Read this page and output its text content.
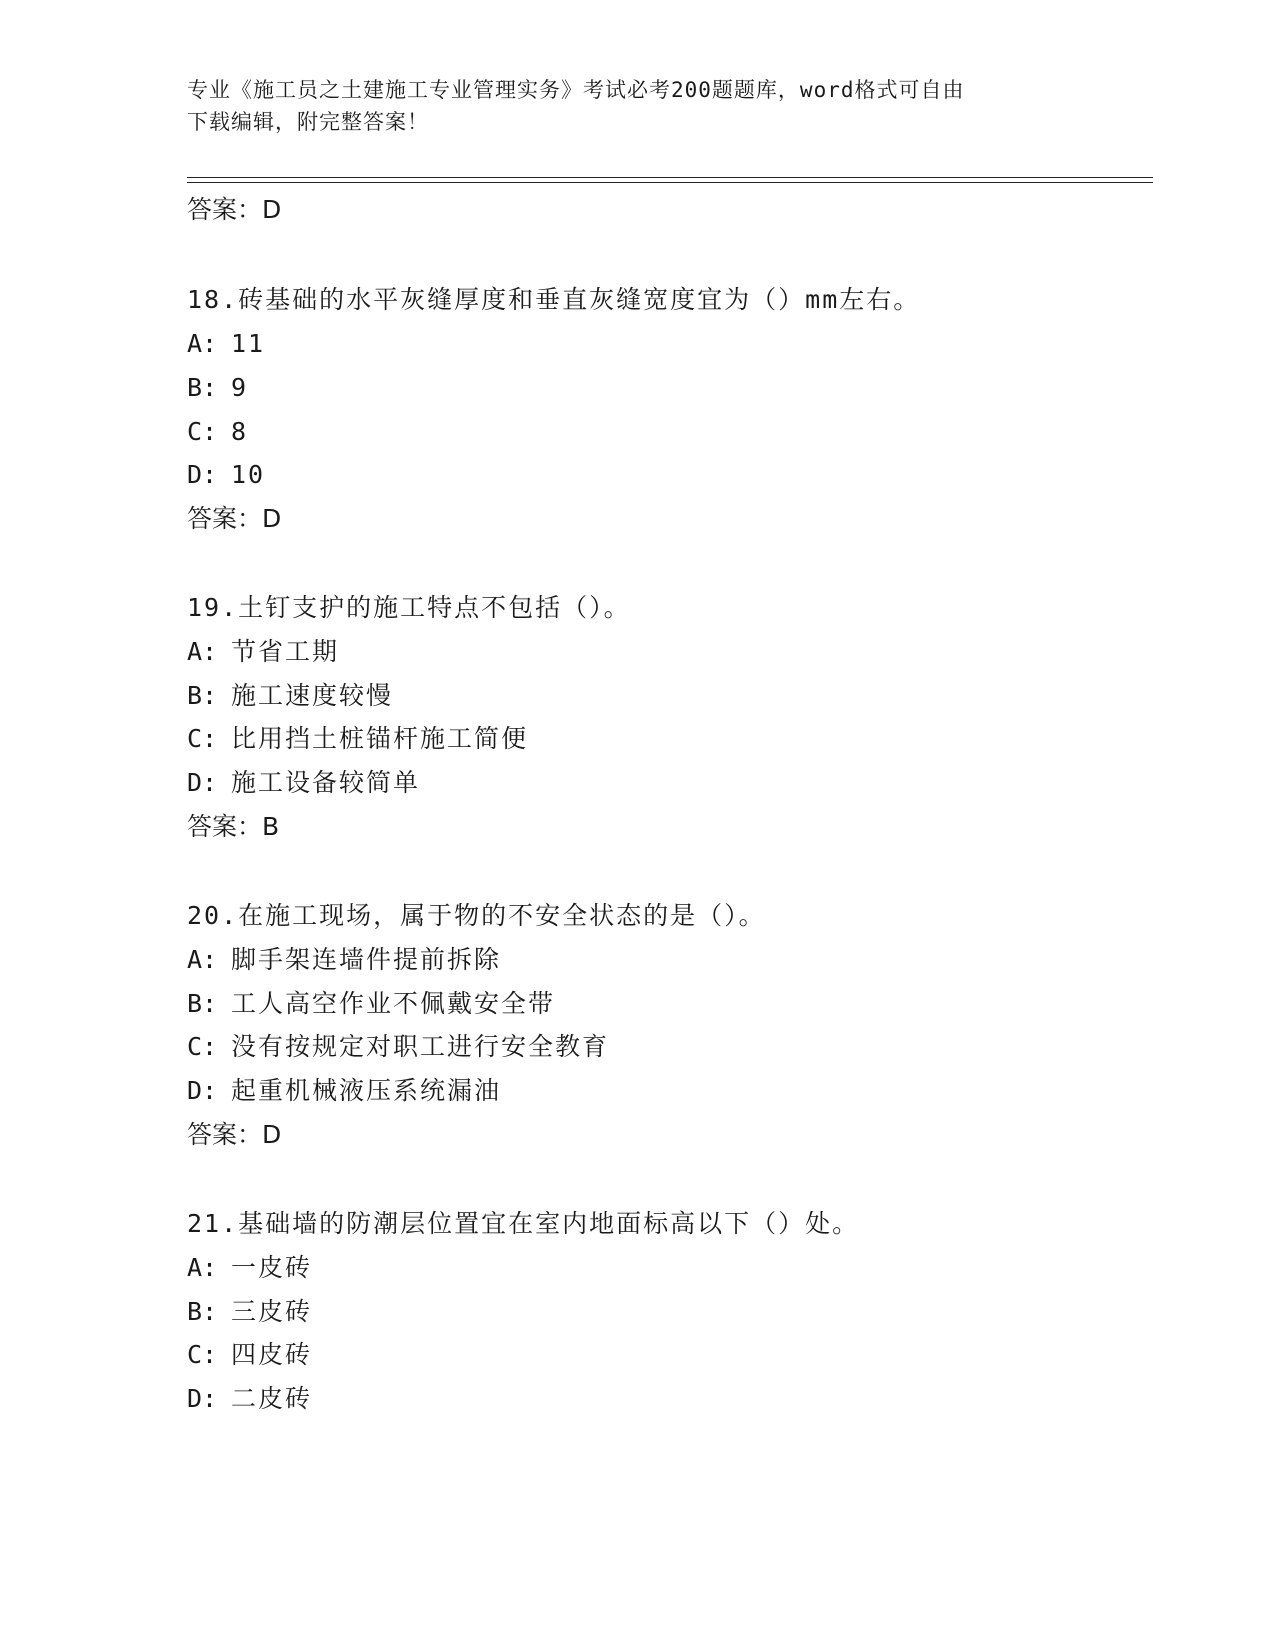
专业《施工员之土建施工专业管理实务》考试必考200题题库，word格式可自由
下载编辑，附完整答案！
答案：D
18.砖基础的水平灰缝厚度和垂直灰缝宽度宜为（）mm左右。
A: 11
B: 9
C: 8
D: 10
答案：D
19.土钉支护的施工特点不包括（）。
A: 节省工期
B: 施工速度较慢
C: 比用挡土桩锚杆施工简便
D: 施工设备较简单
答案：B
20.在施工现场，属于物的不安全状态的是（）。
A: 脚手架连墙件提前拆除
B: 工人高空作业不佩戴安全带
C: 没有按规定对职工进行安全教育
D: 起重机械液压系统漏油
答案：D
21.基础墙的防潮层位置宜在室内地面标高以下（）处。
A: 一皮砖
B: 三皮砖
C: 四皮砖
D: 二皮砖
